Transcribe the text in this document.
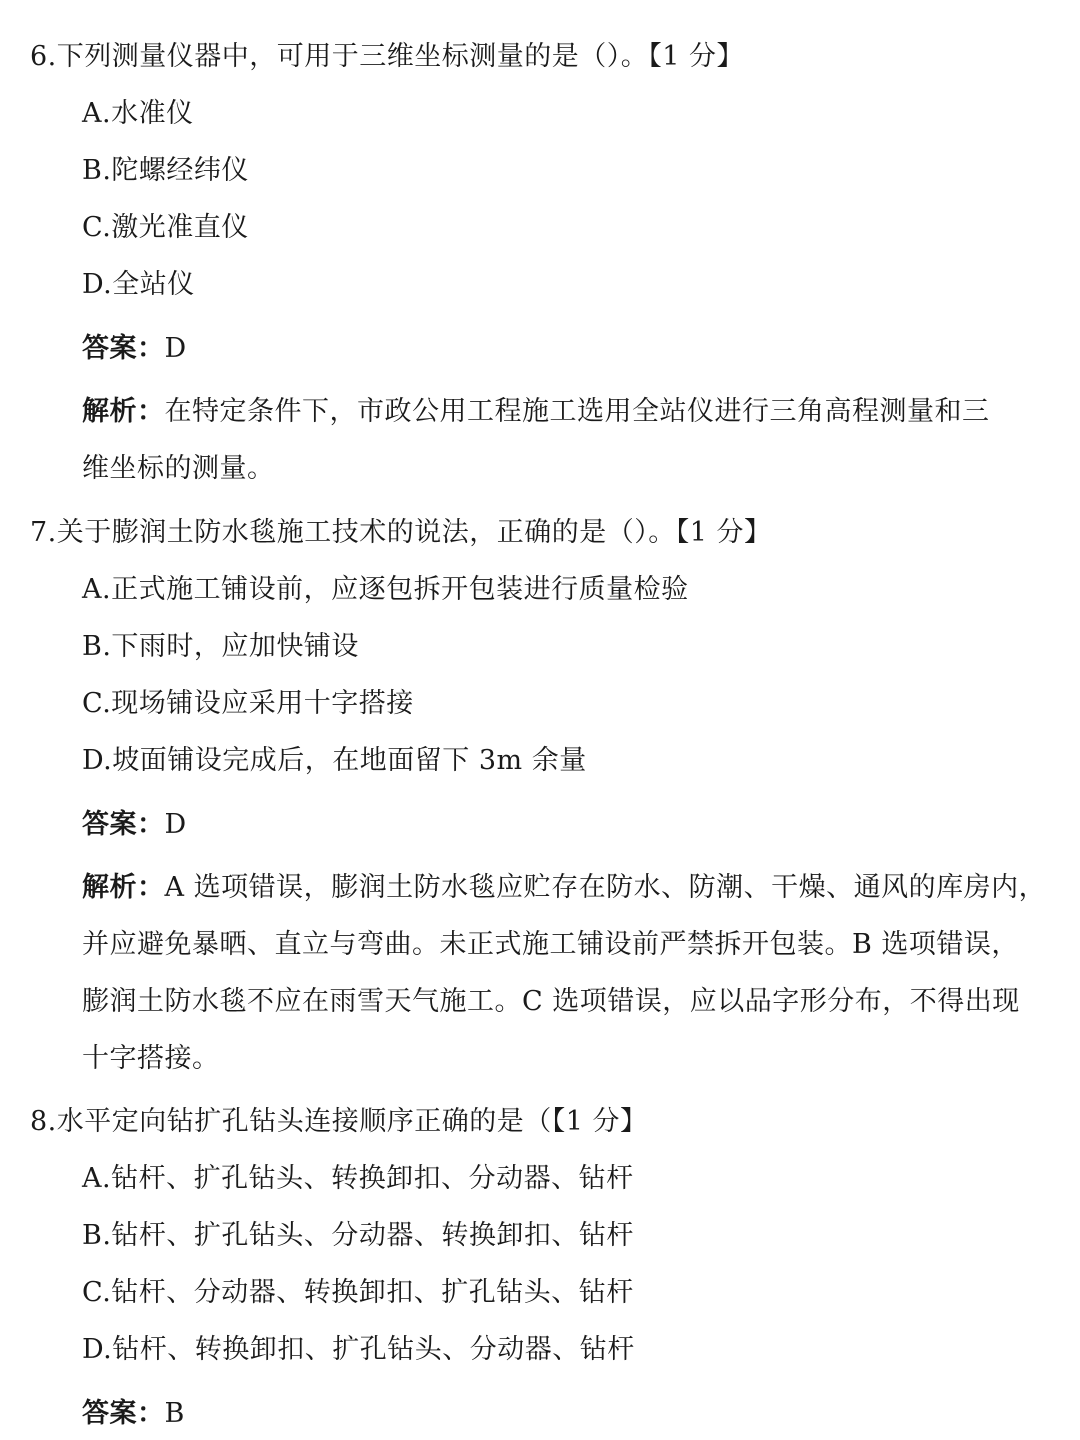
6.下列测量仪器中，可用于三维坐标测量的是（）。【1 分】
A.水准仪
B.陀螺经纬仪
C.激光准直仪
D.全站仪
答案：D
解析：在特定条件下，市政公用工程施工选用全站仪进行三角高程测量和三
维坐标的测量。
7.关于膨润土防水毯施工技术的说法，正确的是（）。【1 分】
A.正式施工铺设前，应逐包拆开包装进行质量检验
B.下雨时，应加快铺设
C.现场铺设应采用十字搭接
D.坡面铺设完成后，在地面留下 3m 余量
答案：D
解析：A 选项错误，膨润土防水毯应贮存在防水、防潮、干燥、通风的库房内，
并应避免暴晒、直立与弯曲。未正式施工铺设前严禁拆开包装。B 选项错误，
膨润土防水毯不应在雨雪天气施工。C 选项错误，应以品字形分布，不得出现
十字搭接。
8.水平定向钻扩孔钻头连接顺序正确的是（【1 分】
A.钻杆、扩孔钻头、转换卸扣、分动器、钻杆
B.钻杆、扩孔钻头、分动器、转换卸扣、钻杆
C.钻杆、分动器、转换卸扣、扩孔钻头、钻杆
D.钻杆、转换卸扣、扩孔钻头、分动器、钻杆
答案：B
